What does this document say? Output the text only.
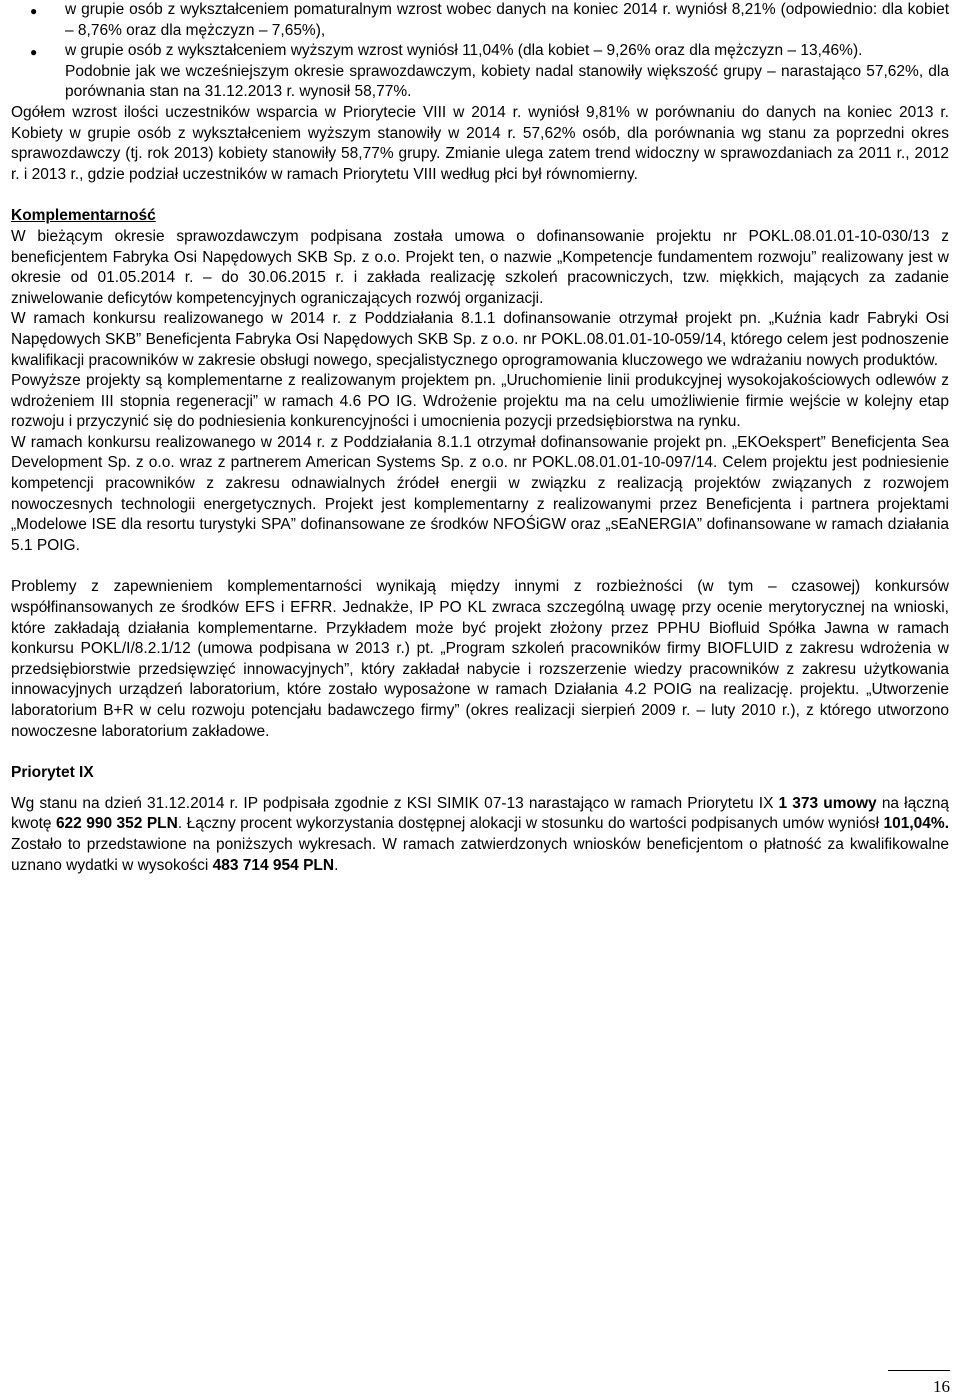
● w grupie osób z wykształceniem pomaturalnym wzrost wobec danych na koniec 2014 r. wyniósł 8,21% (odpowiednio: dla kobiet – 8,76% oraz dla mężczyzn – 7,65%),
● w grupie osób z wykształceniem wyższym wzrost wyniósł 11,04% (dla kobiet – 9,26% oraz dla mężczyzn – 13,46%).

Podobnie jak we wcześniejszym okresie sprawozdawczym, kobiety nadal stanowiły większość grupy – narastająco 57,62%, dla porównania stan na 31.12.2013 r. wynosił 58,77%.

Ogółem wzrost ilości uczestników wsparcia w Priorytecie VIII w 2014 r. wyniósł 9,81% w porównaniu do danych na koniec 2013 r. Kobiety w grupie osób z wykształceniem wyższym stanowiły w 2014 r. 57,62% osób, dla porównania wg stanu za poprzedni okres sprawozdawczy (tj. rok 2013) kobiety stanowiły 58,77% grupy. Zmianie ulega zatem trend widoczny w sprawozdaniach za 2011 r., 2012 r. i 2013 r., gdzie podział uczestników w ramach Priorytetu VIII według płci był równomierny.

Komplementarność

W bieżącym okresie sprawozdawczym podpisana została umowa o dofinansowanie projektu nr POKL.08.01.01-10-030/13 z beneficjentem Fabryka Osi Napędowych SKB Sp. z o.o. Projekt ten, o nazwie „Kompetencje fundamentem rozwoju” realizowany jest w okresie od 01.05.2014 r. – do 30.06.2015 r. i zakłada realizację szkoleń pracowniczych, tzw. miękkich, mających za zadanie zniwelowanie deficytów kompetencyjnych ograniczających rozwój organizacji.

W ramach konkursu realizowanego w 2014 r. z Poddziałania 8.1.1 dofinansowanie otrzymał projekt pn. „Kuźnia kadr Fabryki Osi Napędowych SKB” Beneficjenta Fabryka Osi Napędowych SKB Sp. z o.o. nr POKL.08.01.01-10-059/14, którego celem jest podnoszenie kwalifikacji pracowników w zakresie obsługi nowego, specjalistycznego oprogramowania kluczowego we wdrażaniu nowych produktów.

Powyższe projekty są komplementarne z realizowanym projektem pn. „Uruchomienie linii produkcyjnej wysokojakościowych odlewów z wdrożeniem III stopnia regeneracji” w ramach 4.6 PO IG. Wdrożenie projektu ma na celu umożliwienie firmie wejście w kolejny etap rozwoju i przyczynić się do podniesienia konkurencyjności i umocnienia pozycji przedsiębiorstwa na rynku.

W ramach konkursu realizowanego w 2014 r. z Poddziałania 8.1.1 otrzymał dofinansowanie projekt pn. „EKOekspert” Beneficjenta Sea Development Sp. z o.o. wraz z partnerem American Systems Sp. z o.o. nr POKL.08.01.01-10-097/14. Celem projektu jest podniesienie kompetencji pracowników z zakresu odnawialnych źródeł energii w związku z realizacją projektów związanych z rozwojem nowoczesnych technologii energetycznych. Projekt jest komplementarny z realizowanymi przez Beneficjenta i partnera projektami „Modelowe ISE dla resortu turystyki SPA” dofinansowane ze środków NFOŚiGW oraz „sEaNERGIA” dofinansowane w ramach działania 5.1 POIG.

Problemy z zapewnieniem komplementarności wynikają między innymi z rozbieżności (w tym – czasowej) konkursów współfinansowanych ze środków EFS i EFRR. Jednakże, IP PO KL zwraca szczególną uwagę przy ocenie merytorycznej na wnioski, które zakładają działania komplementarne. Przykładem może być projekt złożony przez PPHU Biofluid Spółka Jawna w ramach konkursu POKL/I/8.2.1/12 (umowa podpisana w 2013 r.) pt. „Program szkoleń pracowników firmy BIOFLUID z zakresu wdrożenia w przedsiębiorstwie przedsięwzięć innowacyjnych”, który zakładał nabycie i rozszerzenie wiedzy pracowników z zakresu użytkowania innowacyjnych urządzeń laboratorium, które zostało wyposażone w ramach Działania 4.2 POIG na realizację. projektu. „Utworzenie laboratorium B+R w celu rozwoju potencjału badawczego firmy” (okres realizacji sierpień 2009 r. – luty 2010 r.), z którego utworzono nowoczesne laboratorium zakładowe.

Priorytet IX

Wg stanu na dzień 31.12.2014 r. IP podpisała zgodnie z KSI SIMIK 07-13 narastająco w ramach Priorytetu IX 1 373 umowy na łączną kwotę 622 990 352 PLN. Łączny procent wykorzystania dostępnej alokacji w stosunku do wartości podpisanych umów wyniósł 101,04%. Zostało to przedstawione na poniższych wykresach. W ramach zatwierdzonych wniosków beneficjentom o płatność za kwalifikowalne uznano wydatki w wysokości 483 714 954 PLN.

16
